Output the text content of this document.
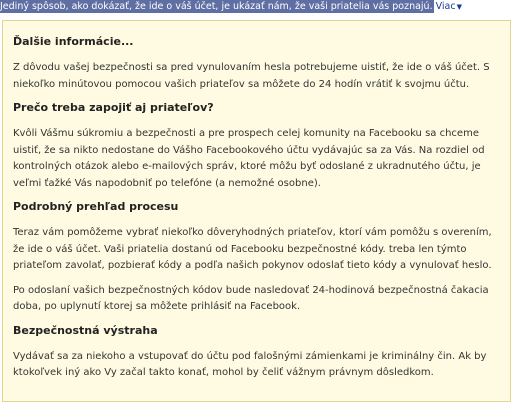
Jediný spôsob, ako dokázať, že ide o váš účet, je ukázať nám, že vaši priatelia vás poznajú. Viac▼
Ďalšie informácie...

Z dôvodu vašej bezpečnosti sa pred vynulovaním hesla potrebujeme uistiť, že ide o váš účet. S niekoľko minútovou pomocou vašich priateľov sa môžete do 24 hodín vrátiť k svojmu účtu.

Prečo treba zapojiť aj priateľov?

Kvôli Vášmu súkromiu a bezpečnosti a pre prospech celej komunity na Facebooku sa chceme uistiť, že sa nikto nedostane do Vášho Facebookového účtu vydávajúc sa za Vás. Na rozdiel od kontrolných otázok alebo e-mailových správ, ktoré môžu byť odoslané z ukradnutého účtu, je veľmi ťažké Vás napodobniť po telefóne (a nemožné osobne).

Podrobný prehľad procesu

Teraz vám pomôžeme vybrať niekoľko dôveryhodných priateľov, ktorí vám pomôžu s overením, že ide o váš účet. Vaši priatelia dostanú od Facebooku bezpečnostné kódy. treba len týmto priateľom zavolať, pozbierať kódy a podľa našich pokynov odoslať tieto kódy a vynulovať heslo.

Po odoslaní vašich bezpečnostných kódov bude nasledovať 24-hodinová bezpečnostná čakacia doba, po uplynutí ktorej sa môžete prihlásiť na Facebook.

Bezpečnostná výstraha

Vydávať sa za niekoho a vstupovať do účtu pod falošnými zámienkami je kriminálny čin. Ak by ktokoľvek iný ako Vy začal takto konať, mohol by čeliť vážnym právnym dôsledkom.
